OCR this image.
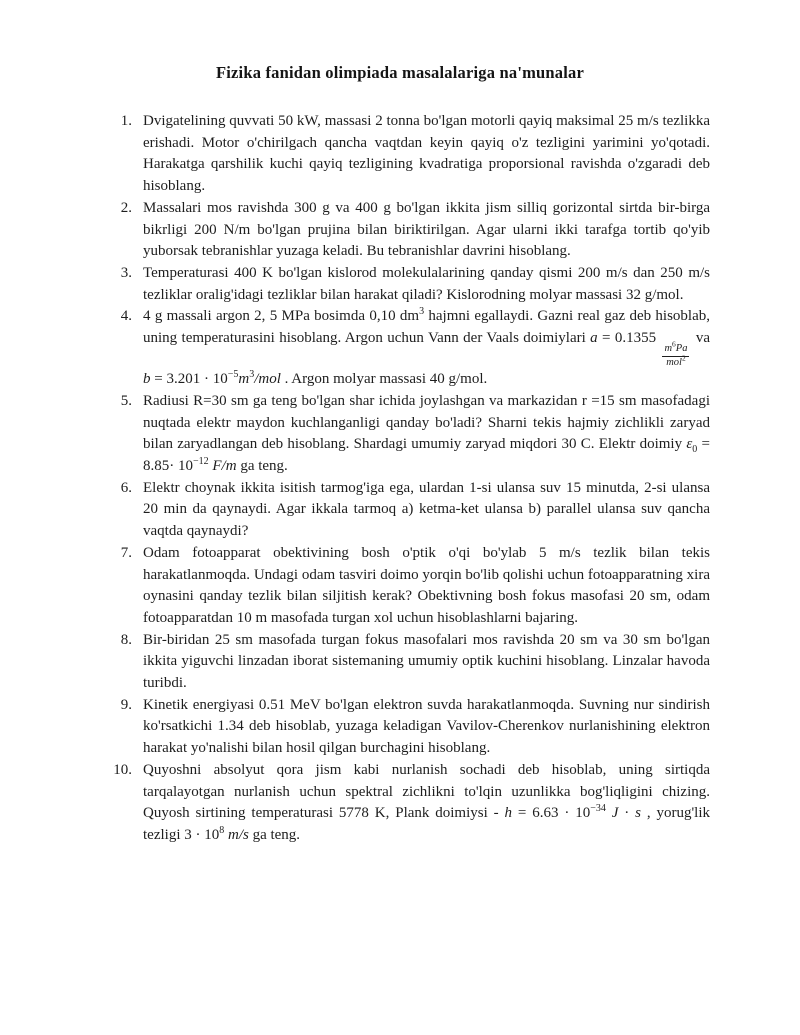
Fizika fanidan olimpiada masalalariga na'munalar
1. Dvigatelining quvvati 50 kW, massasi 2 tonna bo'lgan motorli qayiq maksimal 25 m/s tezlikka erishadi. Motor o'chirilgach qancha vaqtdan keyin qayiq o'z tezligini yarimini yo'qotadi. Harakatga qarshilik kuchi qayiq tezligining kvadratiga proporsional ravishda o'zgaradi deb hisoblang.
2. Massalari mos ravishda 300 g va 400 g bo'lgan ikkita jism silliq gorizontal sirtda bir-birga bikrligi 200 N/m bo'lgan prujina bilan biriktirilgan. Agar ularni ikki tarafga tortib qo'yib yuborsak tebranishlar yuzaga keladi. Bu tebranishlar davrini hisoblang.
3. Temperaturasi 400 K bo'lgan kislorod molekulalarining qanday qismi 200 m/s dan 250 m/s tezliklar oralig'idagi tezliklar bilan harakat qiladi? Kislorodning molyar massasi 32 g/mol.
4. 4 g massali argon 2, 5 MPa bosimda 0,10 $dm^3$ hajmni egallaydi. Gazni real gaz deb hisoblab, uning temperaturasini hisoblang. Argon uchun Vann der Vaals doimiylari a = 0.1355
$\frac{m^6Pa}{mol^2}$
va $b = 3.201 \cdot 10^{-5}m^3$/mol . Argon molyar massasi 40 g/mol.
5. Radiusi R=30 sm ga teng bo'lgan shar ichida joylashgan va markazidan r =15 sm masofadagi nuqtada elektr maydon kuchlanganligi qanday bo'ladi? Sharni tekis hajmiy zichlikli zaryad bilan zaryadlangan deb hisoblang. Shardagi umumiy zaryad miqdori 30 C. Elektr doimiy $\varepsilon_0 = 8.85\cdot 10^{-12}$ F/m ga teng.
6. Elektr choynak ikkita isitish tarmog'iga ega, ulardan 1-si ulansa suv 15 minutda, 2-si ulansa 20 min da qaynaydi. Agar ikkala tarmoq a) ketma-ket ulansa b) parallel ulansa suv qancha vaqtda qaynaydi?
7. Odam fotoapparat obektivining bosh o'ptik o'qi bo'ylab 5 m/s tezlik bilan tekis harakatlanmoqda. Undagi odam tasviri doimo yorqin bo'lib qolishi uchun fotoapparatning xira oynasini qanday tezlik bilan siljitish kerak? Obektivning bosh fokus masofasi 20 sm, odam fotoapparatdan 10 m masofada turgan xol uchun hisoblashlarni bajaring.
8. Bir-biridan 25 sm masofada turgan fokus masofalari mos ravishda 20 sm va 30 sm bo'lgan ikkita yiguvchi linzadan iborat sistemaning umumiy optik kuchini hisoblang. Linzalar havoda turibdi.
9. Kinetik energiyasi 0.51 MeV bo'lgan elektron suvda harakatlanmoqda. Suvning nur sindirish ko'rsatkichi 1.34 deb hisoblab, yuzaga keladigan Vavilov-Cherenkov nurlanishining elektron harakat yo'nalishi bilan hosil qilgan burchagini hisoblang.
10. Quyoshni absolyut qora jism kabi nurlanish sochadi deb hisoblab, uning sirtiqda tarqalayotgan nurlanish uchun spektral zichlikni to'lqin uzunlikka bog'liqligini chizing. Quyosh sirtining temperaturasi 5778 K, Plank doimiysi - $h = 6.63 \cdot 10^{-34}$ J · s , yorug'lik tezligi $3 \cdot 10^8$ m/s ga teng.
